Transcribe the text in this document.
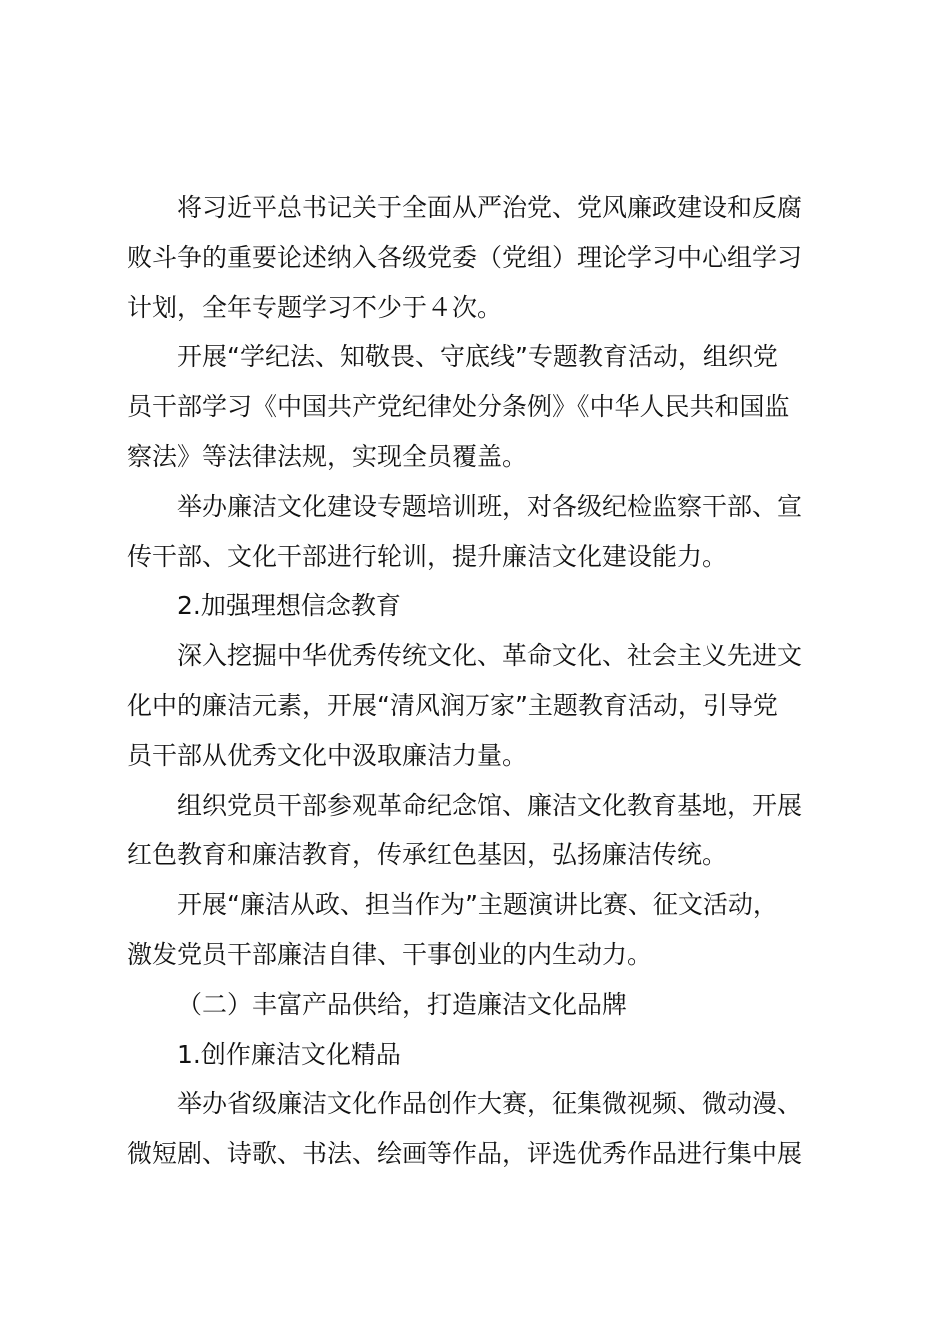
将习近平总书记关于全面从严治党、党风廉政建设和反腐
败斗争的重要论述纳入各级党委（党组）理论学习中心组学习
计划，全年专题学习不少于４次。
开展“学纪法、知敬畏、守底线”专题教育活动，组织党
员干部学习《中国共产党纪律处分条例》《中华人民共和国监
察法》等法律法规，实现全员覆盖。
举办廉洁文化建设专题培训班，对各级纪检监察干部、宣
传干部、文化干部进行轮训，提升廉洁文化建设能力。
2.加强理想信念教育
深入挖掘中华优秀传统文化、革命文化、社会主义先进文
化中的廉洁元素，开展“清风润万家”主题教育活动，引导党
员干部从优秀文化中汲取廉洁力量。
组织党员干部参观革命纪念馆、廉洁文化教育基地，开展
红色教育和廉洁教育，传承红色基因，弘扬廉洁传统。
开展“廉洁从政、担当作为”主题演讲比赛、征文活动，
激发党员干部廉洁自律、干事创业的内生动力。
（二）丰富产品供给，打造廉洁文化品牌
1.创作廉洁文化精品
举办省级廉洁文化作品创作大赛，征集微视频、微动漫、
微短剧、诗歌、书法、绘画等作品，评选优秀作品进行集中展
